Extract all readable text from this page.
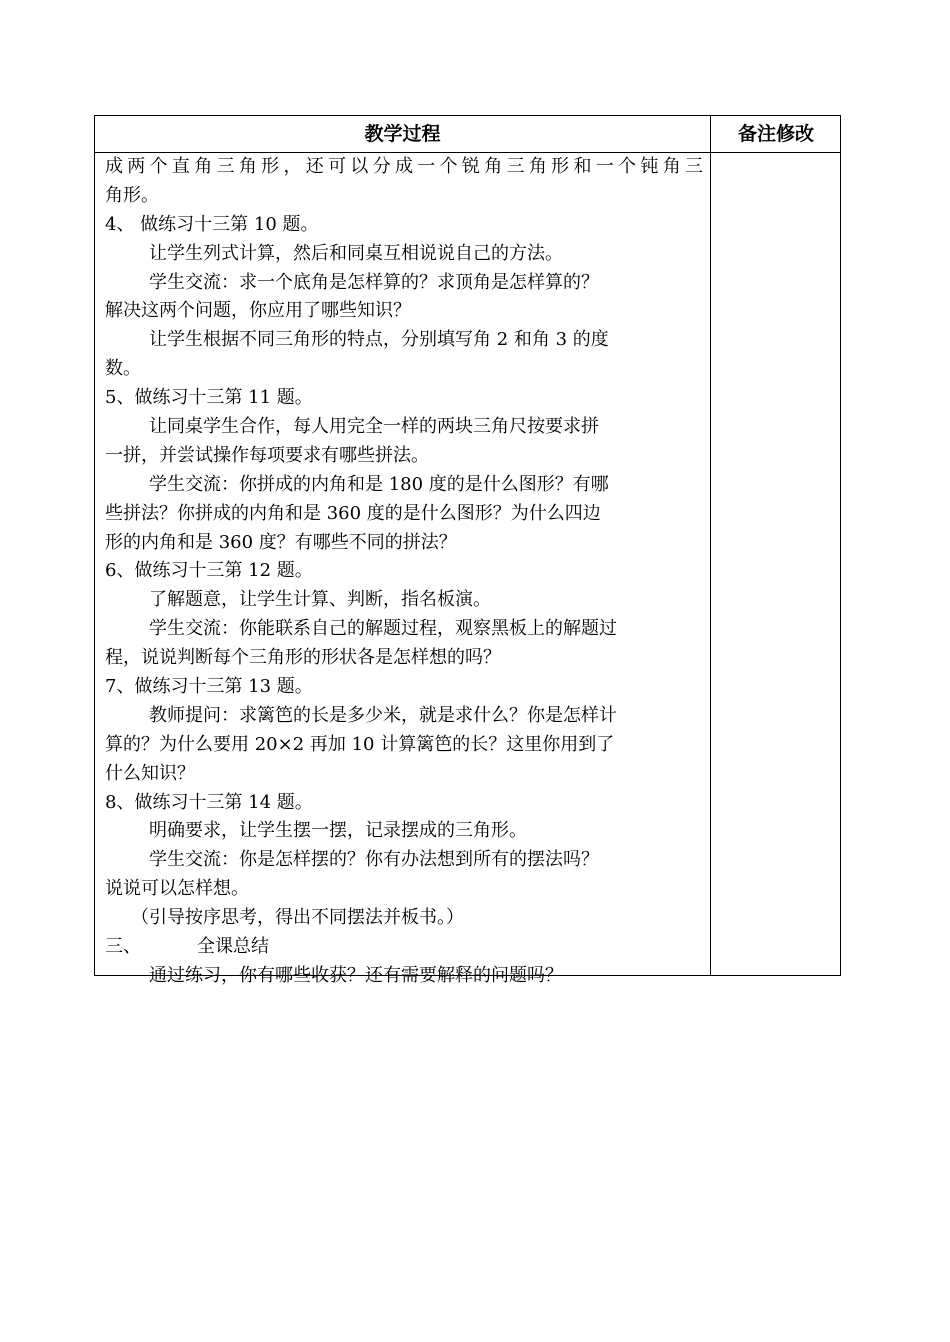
教学过程	备注修改
成两个直角三角形，还可以分成一个锐角三角形和一个钝角三
角形。
4、 做练习十三第 10 题。
让学生列式计算，然后和同桌互相说说自己的方法。
学生交流：求一个底角是怎样算的？求顶角是怎样算的？
解决这两个问题，你应用了哪些知识？
让学生根据不同三角形的特点，分别填写角 2 和角 3 的度
数。
5、做练习十三第 11 题。
让同桌学生合作，每人用完全一样的两块三角尺按要求拼
一拼，并尝试操作每项要求有哪些拼法。
学生交流：你拼成的内角和是 180 度的是什么图形？有哪
些拼法？你拼成的内角和是 360 度的是什么图形？为什么四边
形的内角和是 360 度？有哪些不同的拼法？
6、做练习十三第 12 题。
了解题意，让学生计算、判断，指名板演。
学生交流：你能联系自己的解题过程，观察黑板上的解题过
程，说说判断每个三角形的形状各是怎样想的吗？
7、做练习十三第 13 题。
教师提问：求篱笆的长是多少米，就是求什么？你是怎样计
算的？为什么要用 20×2 再加 10 计算篱笆的长？这里你用到了
什么知识？
8、做练习十三第 14 题。
明确要求，让学生摆一摆，记录摆成的三角形。
学生交流：你是怎样摆的？你有办法想到所有的摆法吗？
说说可以怎样想。
（引导按序思考，得出不同摆法并板书。）
三、	全课总结
通过练习，你有哪些收获？还有需要解释的问题吗？
